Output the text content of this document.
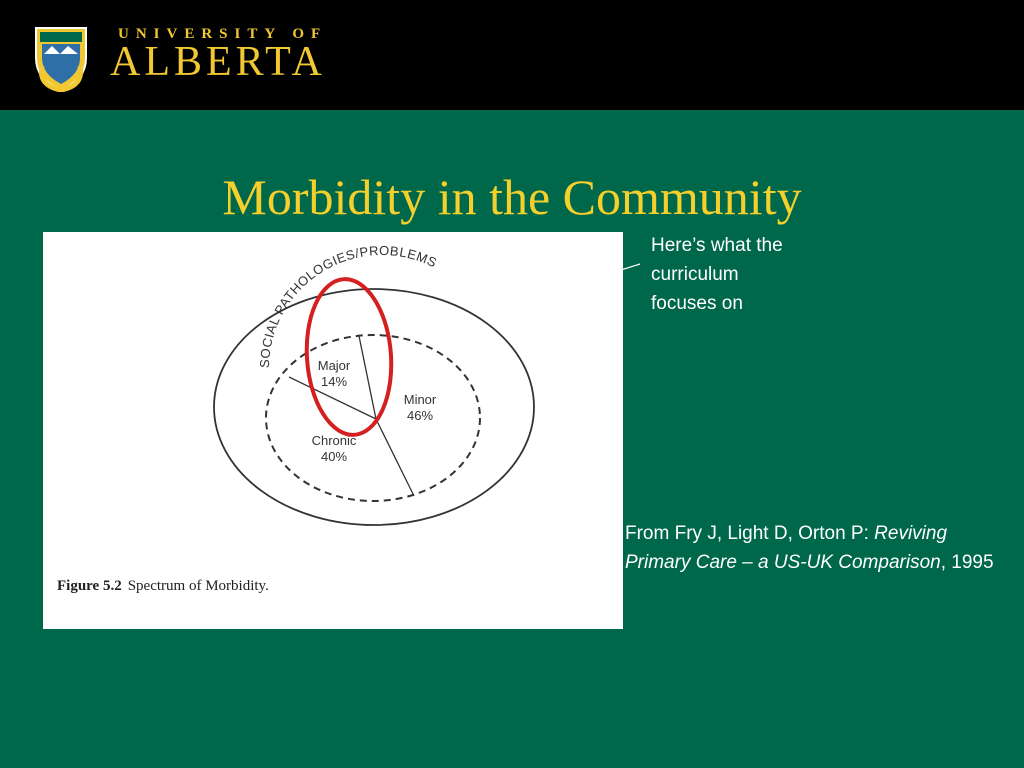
UNIVERSITY OF
ALBERTA
Morbidity in the Community
SOCIAL PATHOLOGIES/PROBLEMS
Major
14%
Minor
46%
Chronic
40%
Figure 5.2 Spectrum of Morbidity.
Here’s what the
curriculum
focuses on
From Fry J, Light D, Orton P: Reviving Primary Care – a US-UK Comparison, 1995
